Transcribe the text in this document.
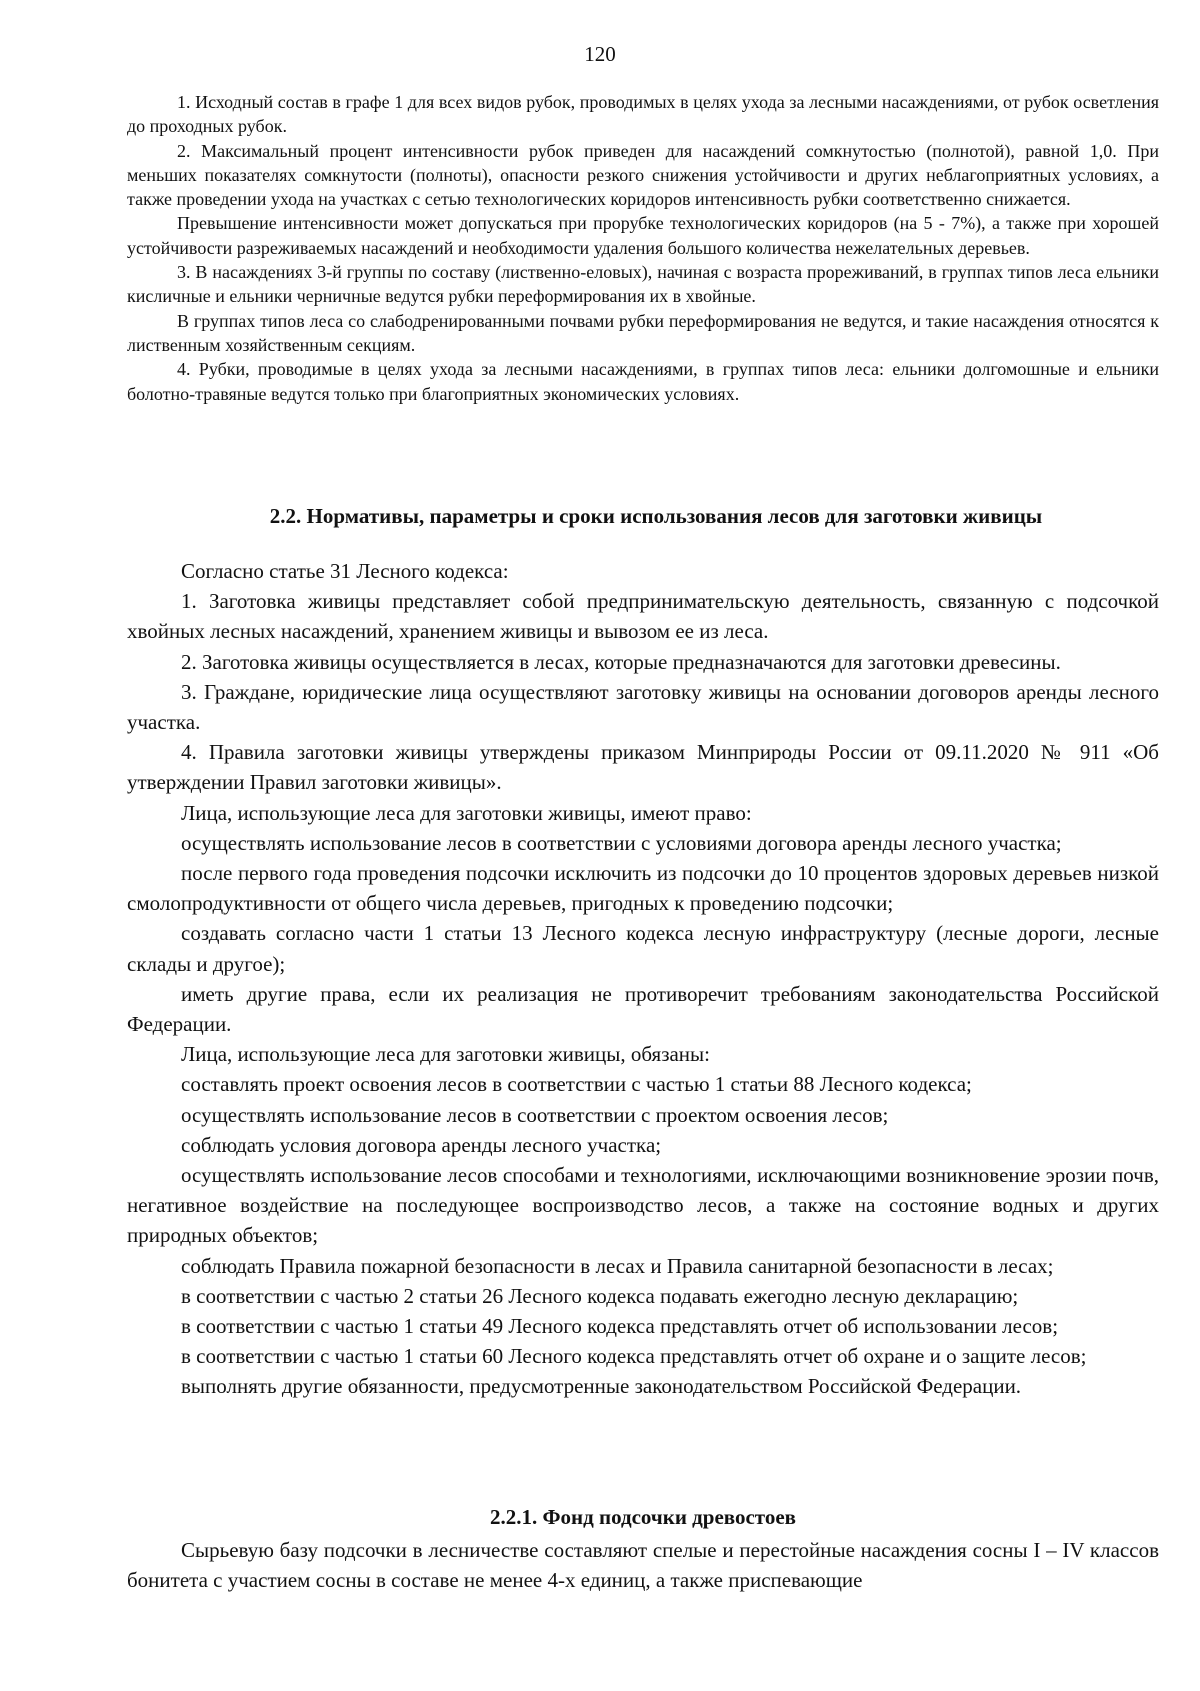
120

1. Исходный состав в графе 1 для всех видов рубок, проводимых в целях ухода за лесными насаждениями, от рубок осветления до проходных рубок.

2. Максимальный процент интенсивности рубок приведен для насаждений сомкнутостью (полнотой), равной 1,0. При меньших показателях сомкнутости (полноты), опасности резкого снижения устойчивости и других неблагоприятных условиях, а также проведении ухода на участках с сетью технологических коридоров интенсивность рубки соответственно снижается.

Превышение интенсивности может допускаться при прорубке технологических коридоров (на 5 - 7%), а также при хорошей устойчивости разреживаемых насаждений и необходимости удаления большого количества нежелательных деревьев.

3. В насаждениях 3-й группы по составу (лиственно-еловых), начиная с возраста прореживаний, в группах типов леса ельники кисличные и ельники черничные ведутся рубки переформирования их в хвойные.

В группах типов леса со слабодренированными почвами рубки переформирования не ведутся, и такие насаждения относятся к лиственным хозяйственным секциям.

4. Рубки, проводимые в целях ухода за лесными насаждениями, в группах типов леса: ельники долгомошные и ельники болотно-травяные ведутся только при благоприятных экономических условиях.

2.2. Нормативы, параметры и сроки использования лесов для заготовки живицы

Согласно статье 31 Лесного кодекса:

1. Заготовка живицы представляет собой предпринимательскую деятельность, связанную с подсочкой хвойных лесных насаждений, хранением живицы и вывозом ее из леса.

2. Заготовка живицы осуществляется в лесах, которые предназначаются для заготовки древесины.

3. Граждане, юридические лица осуществляют заготовку живицы на основании договоров аренды лесного участка.

4. Правила заготовки живицы утверждены приказом Минприроды России от 09.11.2020 № 911 «Об утверждении Правил заготовки живицы».

Лица, использующие леса для заготовки живицы, имеют право:

осуществлять использование лесов в соответствии с условиями договора аренды лесного участка;

после первого года проведения подсочки исключить из подсочки до 10 процентов здоровых деревьев низкой смолопродуктивности от общего числа деревьев, пригодных к проведению подсочки;

создавать согласно части 1 статьи 13 Лесного кодекса лесную инфраструктуру (лесные дороги, лесные склады и другое);

иметь другие права, если их реализация не противоречит требованиям законодательства Российской Федерации.

Лица, использующие леса для заготовки живицы, обязаны:

составлять проект освоения лесов в соответствии с частью 1 статьи 88 Лесного кодекса;

осуществлять использование лесов в соответствии с проектом освоения лесов;

соблюдать условия договора аренды лесного участка;

осуществлять использование лесов способами и технологиями, исключающими возникновение эрозии почв, негативное воздействие на последующее воспроизводство лесов, а также на состояние водных и других природных объектов;

соблюдать Правила пожарной безопасности в лесах и Правила санитарной безопасности в лесах;

в соответствии с частью 2 статьи 26 Лесного кодекса подавать ежегодно лесную декларацию;

в соответствии с частью 1 статьи 49 Лесного кодекса представлять отчет об использовании лесов;

в соответствии с частью 1 статьи 60 Лесного кодекса представлять отчет об охране и о защите лесов;

выполнять другие обязанности, предусмотренные законодательством Российской Федерации.

2.2.1. Фонд подсочки древостоев

Сырьевую базу подсочки в лесничестве составляют спелые и перестойные насаждения сосны I – IV классов бонитета с участием сосны в составе не менее 4-х единиц, а также приспевающие
